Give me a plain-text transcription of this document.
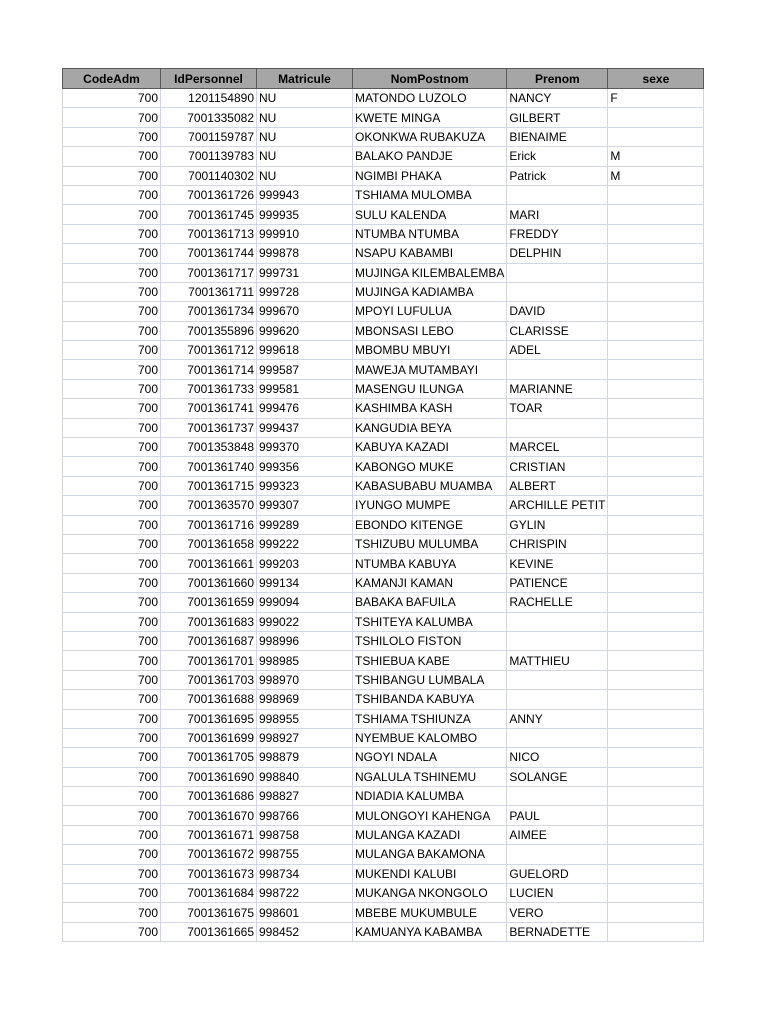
CodeAdm	IdPersonnel	Matricule	NomPostnom	Prenom	sexe
700	1201154890	NU	MATONDO LUZOLO	NANCY	F
700	7001335082	NU	KWETE MINGA	GILBERT	
700	7001159787	NU	OKONKWA RUBAKUZA	BIENAIME	
700	7001139783	NU	BALAKO PANDJE	Erick	M
700	7001140302	NU	NGIMBI PHAKA	Patrick	M
700	7001361726	999943	TSHIAMA MULOMBA		
700	7001361745	999935	SULU KALENDA	MARI	
700	7001361713	999910	NTUMBA NTUMBA	FREDDY	
700	7001361744	999878	NSAPU KABAMBI	DELPHIN	
700	7001361717	999731	MUJINGA KILEMBALEMBA		
700	7001361711	999728	MUJINGA KADIAMBA		
700	7001361734	999670	MPOYI LUFULUA	DAVID	
700	7001355896	999620	MBONSASI LEBO	CLARISSE	
700	7001361712	999618	MBOMBU MBUYI	ADEL	
700	7001361714	999587	MAWEJA MUTAMBAYI		
700	7001361733	999581	MASENGU ILUNGA	MARIANNE	
700	7001361741	999476	KASHIMBA KASH	TOAR	
700	7001361737	999437	KANGUDIA BEYA		
700	7001353848	999370	KABUYA KAZADI	MARCEL	
700	7001361740	999356	KABONGO MUKE	CRISTIAN	
700	7001361715	999323	KABASUBABU MUAMBA	ALBERT	
700	7001363570	999307	IYUNGO MUMPE	ARCHILLE PETIT	
700	7001361716	999289	EBONDO KITENGE	GYLIN	
700	7001361658	999222	TSHIZUBU MULUMBA	CHRISPIN	
700	7001361661	999203	NTUMBA KABUYA	KEVINE	
700	7001361660	999134	KAMANJI KAMAN	PATIENCE	
700	7001361659	999094	BABAKA BAFUILA	RACHELLE	
700	7001361683	999022	TSHITEYA KALUMBA		
700	7001361687	998996	TSHILOLO FISTON		
700	7001361701	998985	TSHIEBUA KABE	MATTHIEU	
700	7001361703	998970	TSHIBANGU LUMBALA		
700	7001361688	998969	TSHIBANDA KABUYA		
700	7001361695	998955	TSHIAMA TSHIUNZA	ANNY	
700	7001361699	998927	NYEMBUE KALOMBO		
700	7001361705	998879	NGOYI NDALA	NICO	
700	7001361690	998840	NGALULA TSHINEMU	SOLANGE	
700	7001361686	998827	NDIADIA KALUMBA		
700	7001361670	998766	MULONGOYI KAHENGA	PAUL	
700	7001361671	998758	MULANGA KAZADI	AIMEE	
700	7001361672	998755	MULANGA BAKAMONA		
700	7001361673	998734	MUKENDI KALUBI	GUELORD	
700	7001361684	998722	MUKANGA NKONGOLO	LUCIEN	
700	7001361675	998601	MBEBE MUKUMBULE	VERO	
700	7001361665	998452	KAMUANYA KABAMBA	BERNADETTE	
